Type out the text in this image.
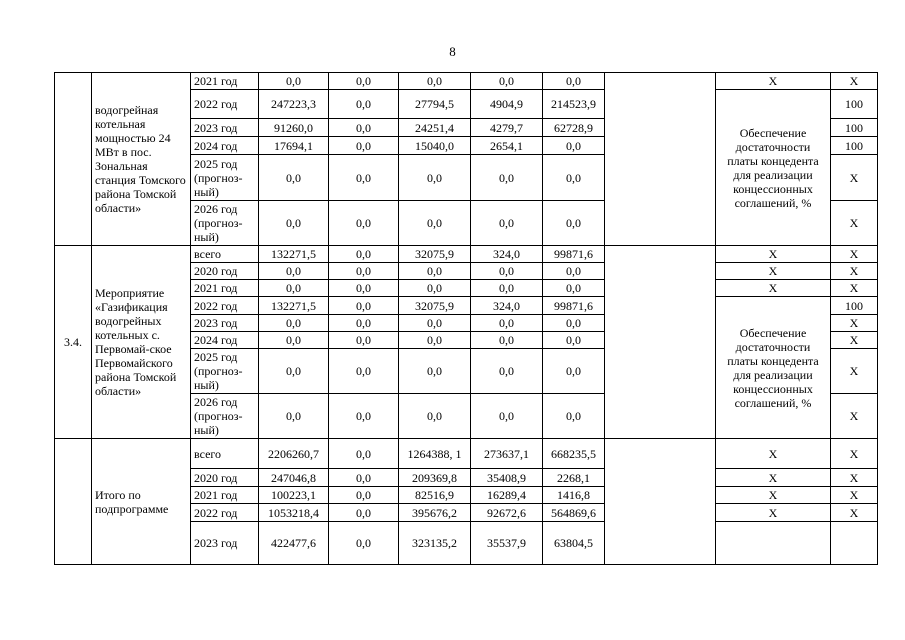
8
	водогрейная котельная мощностью 24 МВт в пос. Зональная станция Томского района Томской области»	2021 год	0,0	0,0	0,0	0,0	0,0		Х	Х
		2022 год	247223,3	0,0	27794,5	4904,9	214523,9		Обеспечение достаточности платы концедента для реализации концессионных соглашений, %	100
		2023 год	91260,0	0,0	24251,4	4279,7	62728,9			100
		2024 год	17694,1	0,0	15040,0	2654,1	0,0			100
		2025 год (прогноз-ный)	0,0	0,0	0,0	0,0	0,0			Х
		2026 год (прогноз-ный)	0,0	0,0	0,0	0,0	0,0			Х
3.4.	Мероприятие «Газификация водогрейных котельных с. Первомай-ское Первомайского района Томской области»	всего	132271,5	0,0	32075,9	324,0	99871,6		Х	Х
		2020 год	0,0	0,0	0,0	0,0	0,0		Х	Х
		2021 год	0,0	0,0	0,0	0,0	0,0		Х	Х
		2022 год	132271,5	0,0	32075,9	324,0	99871,6		Обеспечение достаточности платы концедента для реализации концессионных соглашений, %	100
		2023 год	0,0	0,0	0,0	0,0	0,0			Х
		2024 год	0,0	0,0	0,0	0,0	0,0			Х
		2025 год (прогноз-ный)	0,0	0,0	0,0	0,0	0,0			Х
		2026 год (прогноз-ный)	0,0	0,0	0,0	0,0	0,0			Х
	Итого по подпрограмме	всего	2206260,7	0,0	1264388, 1	273637,1	668235,5		Х	Х
		2020 год	247046,8	0,0	209369,8	35408,9	2268,1		Х	Х
		2021 год	100223,1	0,0	82516,9	16289,4	1416,8		Х	Х
		2022 год	1053218,4	0,0	395676,2	92672,6	564869,6		Х	Х
		2023 год	422477,6	0,0	323135,2	35537,9	63804,5			
